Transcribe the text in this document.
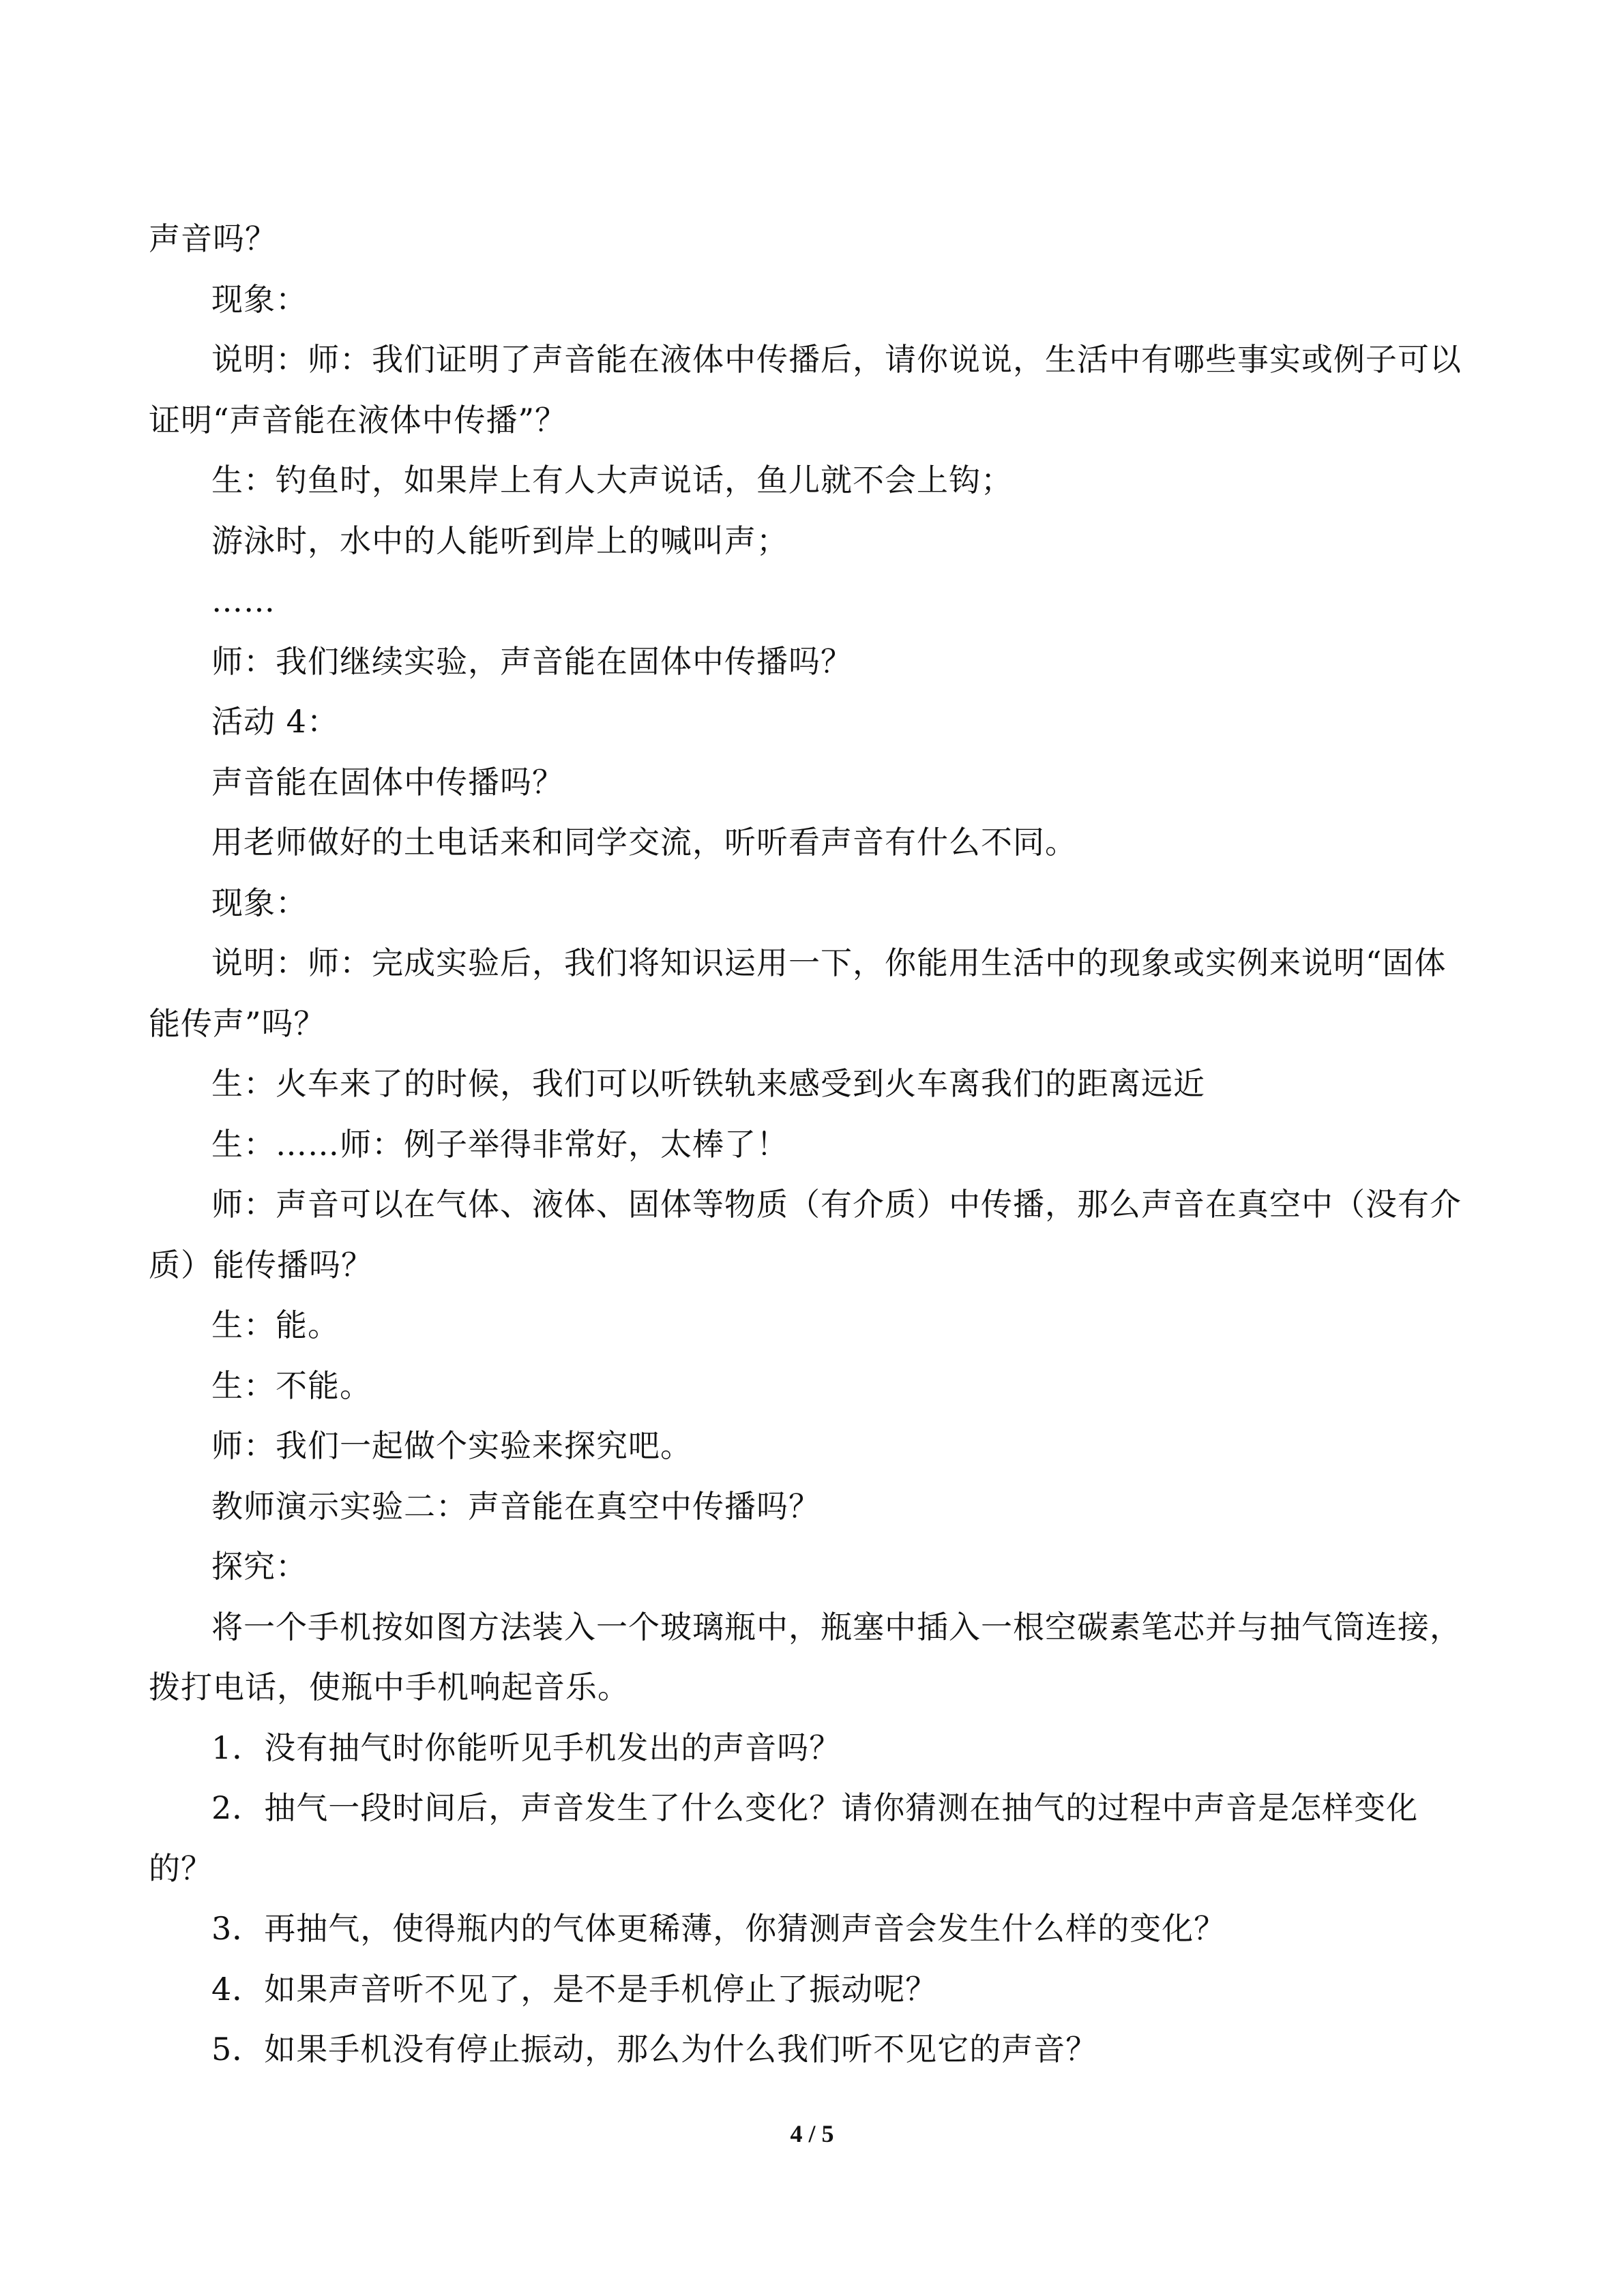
声音吗？

现象：

说明：师：我们证明了声音能在液体中传播后，请你说说，生活中有哪些事实或例子可以证明“声音能在液体中传播”？

生：钓鱼时，如果岸上有人大声说话，鱼儿就不会上钩；

游泳时，水中的人能听到岸上的喊叫声；

……

师：我们继续实验，声音能在固体中传播吗？

活动 4：

声音能在固体中传播吗？

用老师做好的土电话来和同学交流，听听看声音有什么不同。

现象：

说明：师：完成实验后，我们将知识运用一下，你能用生活中的现象或实例来说明“固体能传声”吗？

生：火车来了的时候，我们可以听铁轨来感受到火车离我们的距离远近

生：……师：例子举得非常好，太棒了！

师：声音可以在气体、液体、固体等物质（有介质）中传播，那么声音在真空中（没有介质）能传播吗？

生：能。

生：不能。

师：我们一起做个实验来探究吧。

教师演示实验二：声音能在真空中传播吗？

探究：

将一个手机按如图方法装入一个玻璃瓶中，瓶塞中插入一根空碳素笔芯并与抽气筒连接，拨打电话，使瓶中手机响起音乐。

1．没有抽气时你能听见手机发出的声音吗？

2．抽气一段时间后，声音发生了什么变化？请你猜测在抽气的过程中声音是怎样变化的？

3．再抽气，使得瓶内的气体更稀薄，你猜测声音会发生什么样的变化？

4．如果声音听不见了，是不是手机停止了振动呢？

5．如果手机没有停止振动，那么为什么我们听不见它的声音？

4 / 5
